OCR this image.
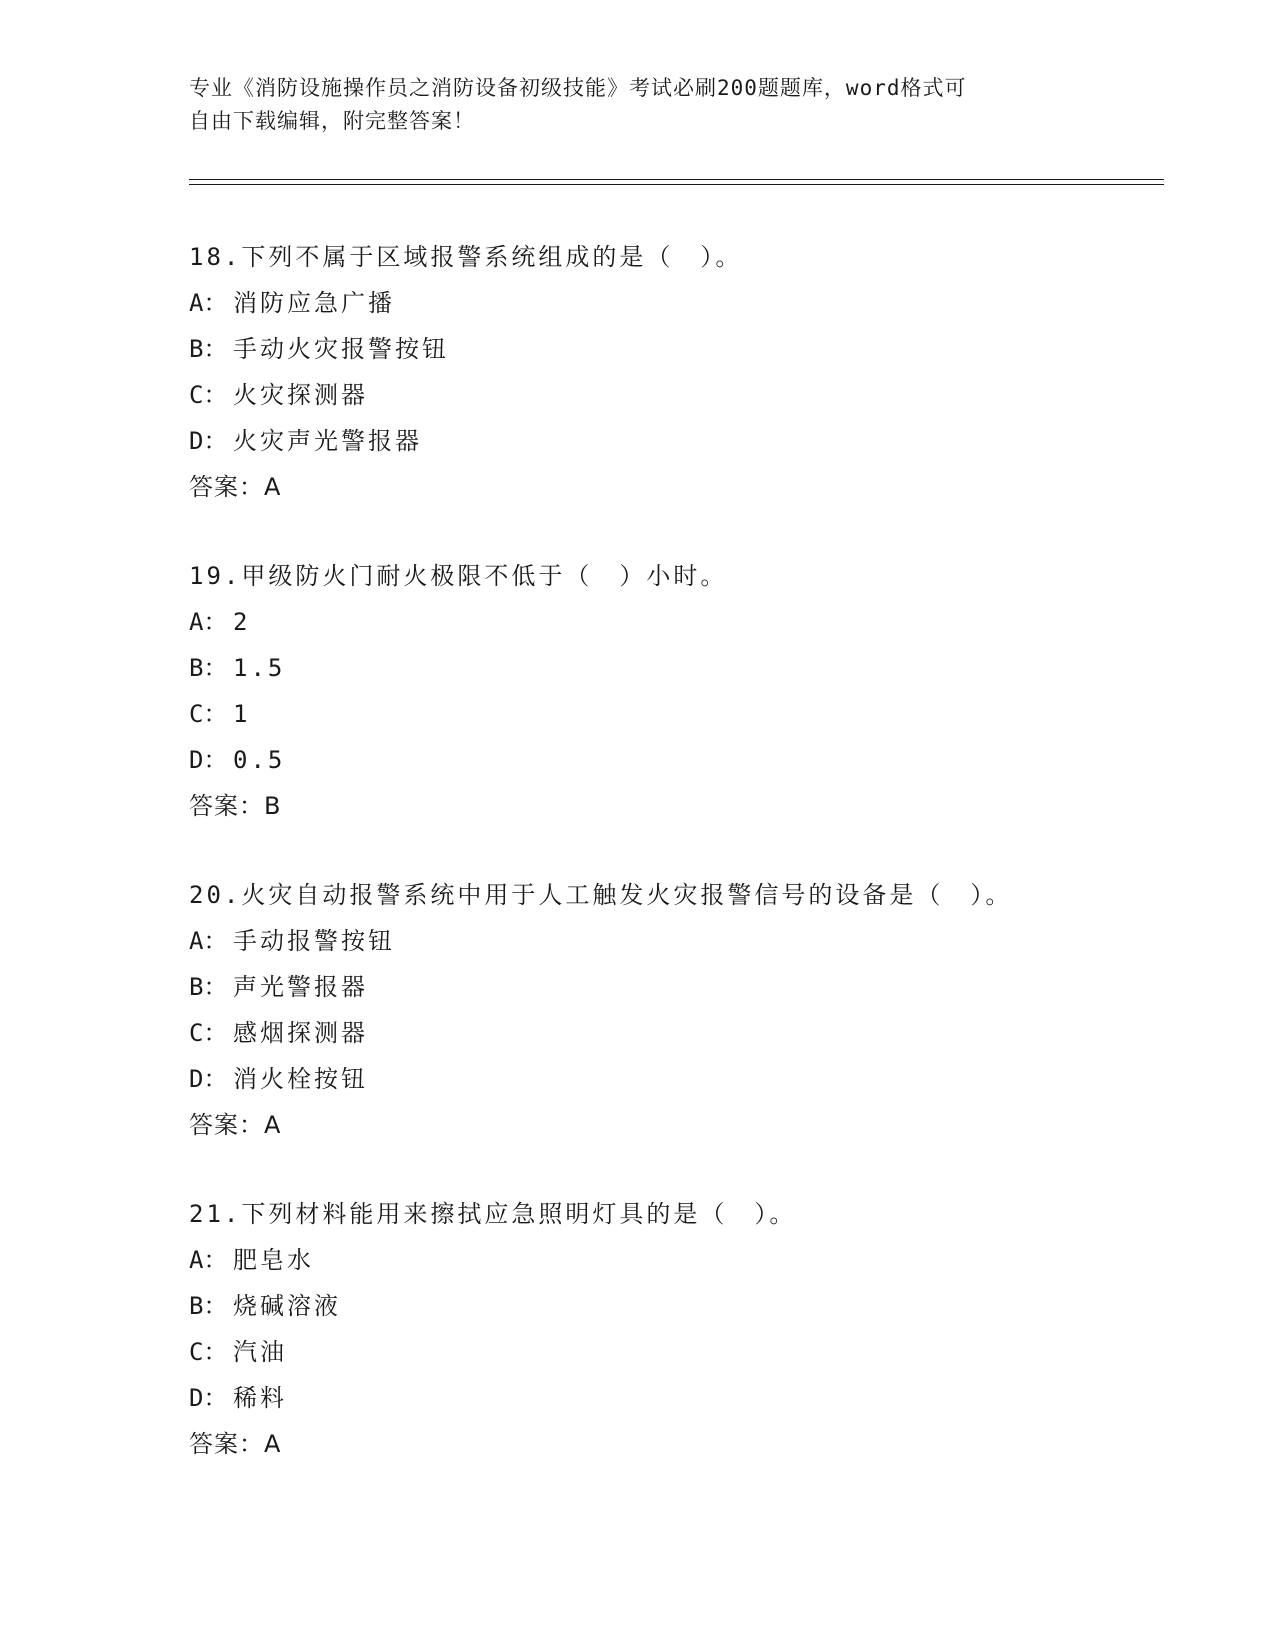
专业《消防设施操作员之消防设备初级技能》考试必刷200题题库，word格式可
自由下载编辑，附完整答案！
18.下列不属于区域报警系统组成的是（　）。
A： 消防应急广播
B： 手动火灾报警按钮
C： 火灾探测器
D： 火灾声光警报器
答案：A
19.甲级防火门耐火极限不低于（　）小时。
A： 2
B： 1.5
C： 1
D： 0.5
答案：B
20.火灾自动报警系统中用于人工触发火灾报警信号的设备是（　）。
A： 手动报警按钮
B： 声光警报器
C： 感烟探测器
D： 消火栓按钮
答案：A
21.下列材料能用来擦拭应急照明灯具的是（　）。
A： 肥皂水
B： 烧碱溶液
C： 汽油
D： 稀料
答案：A
